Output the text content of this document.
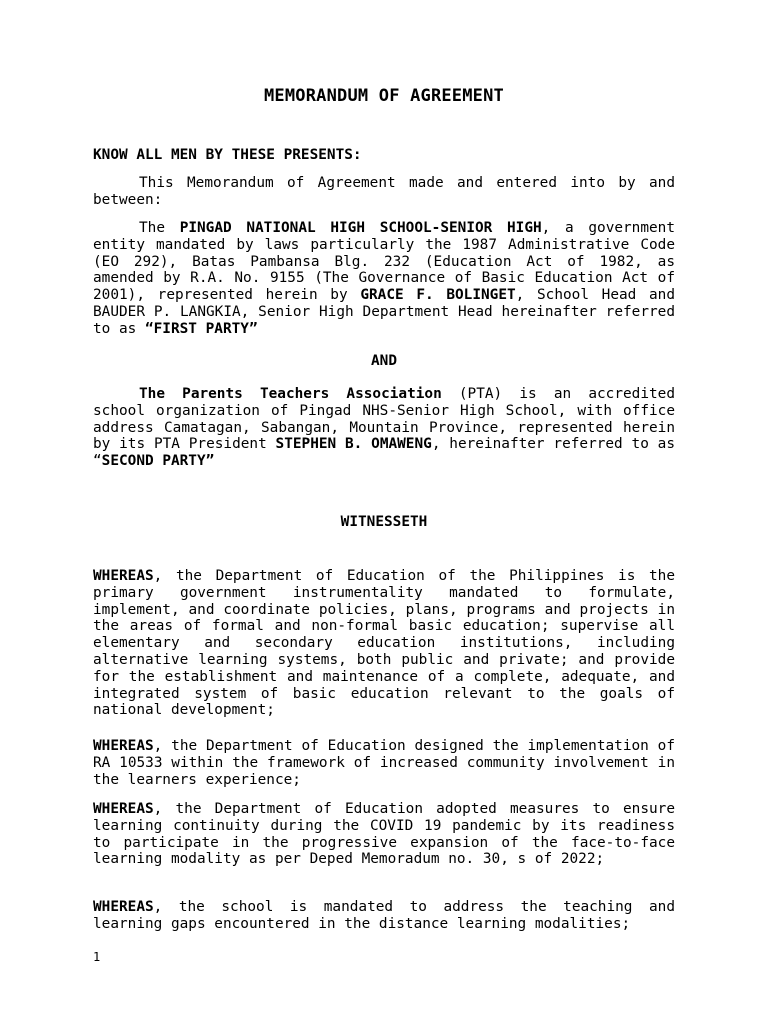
MEMORANDUM OF AGREEMENT

KNOW ALL MEN BY THESE PRESENTS:

This Memorandum of Agreement made and entered into by and between:

The PINGAD NATIONAL HIGH SCHOOL-SENIOR HIGH, a government entity mandated by laws particularly the 1987 Administrative Code (EO 292), Batas Pambansa Blg. 232 (Education Act of 1982, as amended by R.A. No. 9155 (The Governance of Basic Education Act of 2001), represented herein by GRACE F. BOLINGET, School Head and BAUDER P. LANGKIA, Senior High Department Head hereinafter referred to as “FIRST PARTY”

AND

The Parents Teachers Association (PTA) is an accredited school organization of Pingad NHS-Senior High School, with office address Camatagan, Sabangan, Mountain Province, represented herein by its PTA President STEPHEN B. OMAWENG, hereinafter referred to as “SECOND PARTY”

WITNESSETH

WHEREAS, the Department of Education of the Philippines is the primary government instrumentality mandated to formulate, implement, and coordinate policies, plans, programs and projects in the areas of formal and non-formal basic education; supervise all elementary and secondary education institutions, including alternative learning systems, both public and private; and provide for the establishment and maintenance of a complete, adequate, and integrated system of basic education relevant to the goals of national development;

WHEREAS, the Department of Education designed the implementation of RA 10533 within the framework of increased community involvement in the learners experience;

WHEREAS, the Department of Education adopted measures to ensure learning continuity during the COVID 19 pandemic by its readiness to participate in the progressive expansion of the face-to-face learning modality as per Deped Memoradum no. 30, s of 2022;

WHEREAS, the school is mandated to address the teaching and learning gaps encountered in the distance learning modalities;

1
